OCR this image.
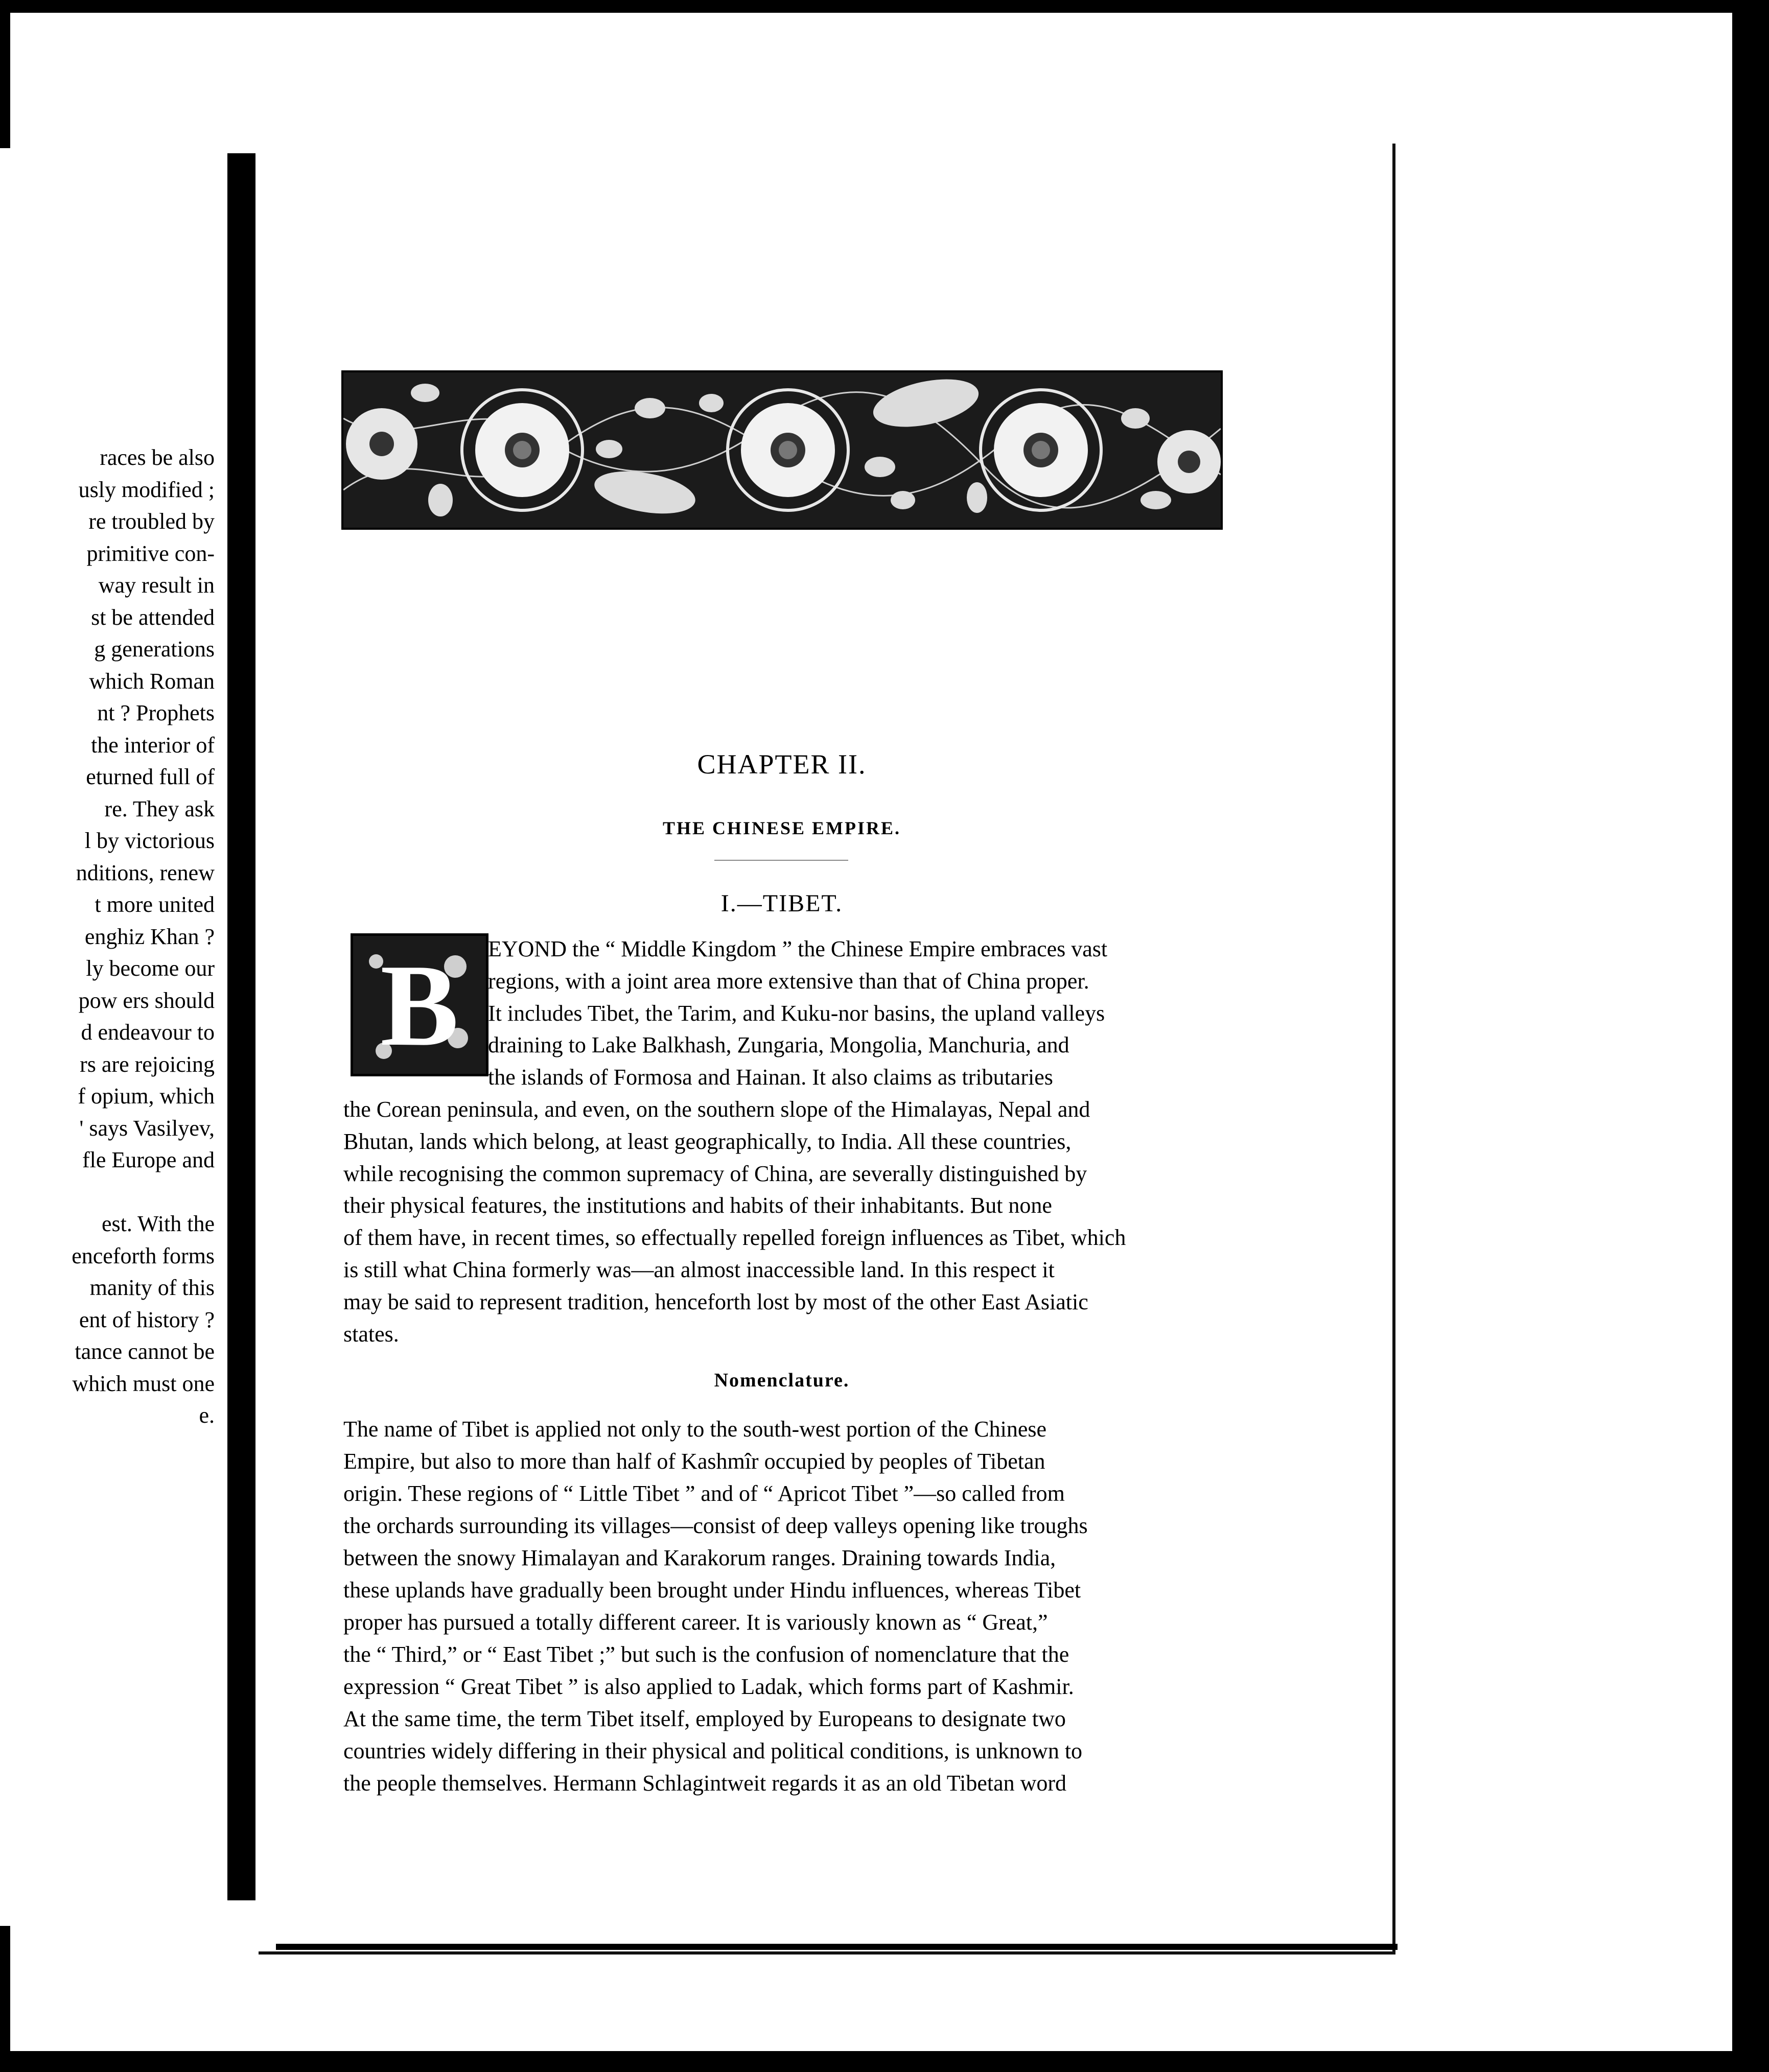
races be also
usly modified ;
re troubled by
primitive con-
way result in
st be attended
g generations
which Roman
nt ? Prophets
the interior of
eturned full of
re. They ask
l by victorious
nditions, renew
t more united
enghiz Khan ?
ly become our
pow ers should
d endeavour to
rs are rejoicing
f opium, which
' says Vasilyev,
fle Europe and
est. With the
enceforth forms
manity of this
ent of history ?
tance cannot be
which must one
e.
CHAPTER II.
THE CHINESE EMPIRE.
I.—TIBET.
B	EYOND the “ Middle Kingdom ” the Chinese Empire embraces vast
regions, with a joint area more extensive than that of China proper.
It includes Tibet, the Tarim, and Kuku-nor basins, the upland valleys
draining to Lake Balkhash, Zungaria, Mongolia, Manchuria, and
the islands of Formosa and Hainan. It also claims as tributaries
the Corean peninsula, and even, on the southern slope of the Himalayas, Nepal and
Bhutan, lands which belong, at least geographically, to India. All these countries,
while recognising the common supremacy of China, are severally distinguished by
their physical features, the institutions and habits of their inhabitants. But none
of them have, in recent times, so effectually repelled foreign influences as Tibet, which
is still what China formerly was—an almost inaccessible land. In this respect it
may be said to represent tradition, henceforth lost by most of the other East Asiatic
states.
Nomenclature.
The name of Tibet is applied not only to the south-west portion of the Chinese
Empire, but also to more than half of Kashmîr occupied by peoples of Tibetan
origin. These regions of “ Little Tibet ” and of “ Apricot Tibet ”—so called from
the orchards surrounding its villages—consist of deep valleys opening like troughs
between the snowy Himalayan and Karakorum ranges. Draining towards India,
these uplands have gradually been brought under Hindu influences, whereas Tibet
proper has pursued a totally different career. It is variously known as “ Great,”
the “ Third,” or “ East Tibet ;” but such is the confusion of nomenclature that the
expression “ Great Tibet ” is also applied to Ladak, which forms part of Kashmir.
At the same time, the term Tibet itself, employed by Europeans to designate two
countries widely differing in their physical and political conditions, is unknown to
the people themselves. Hermann Schlagintweit regards it as an old Tibetan word
